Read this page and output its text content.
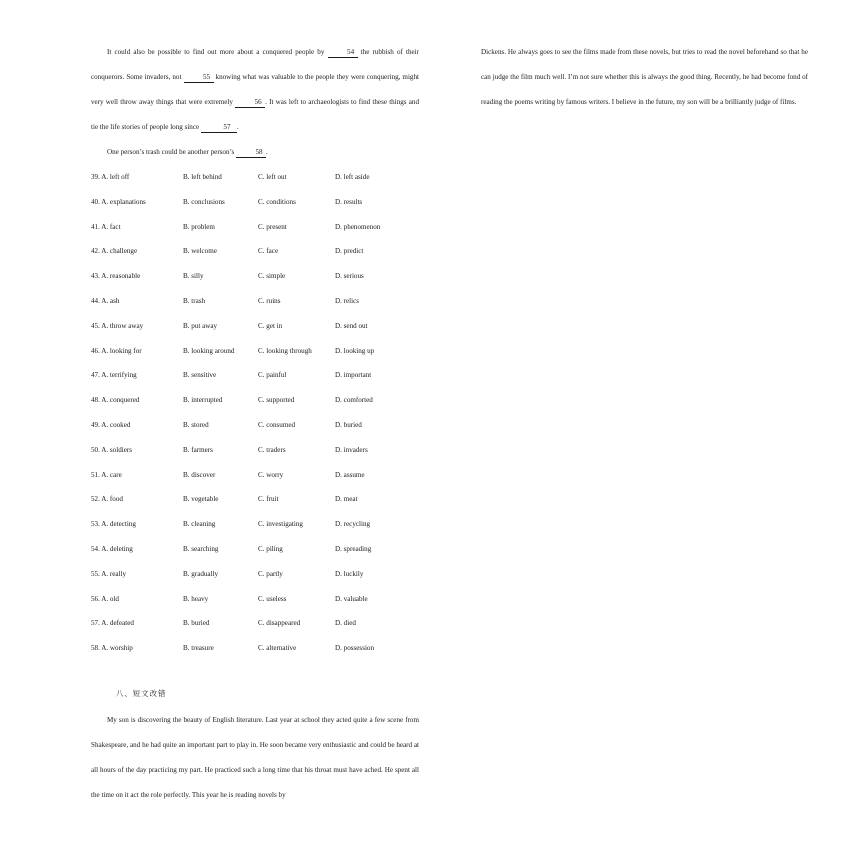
It could also be possible to find out more about a conquered people by	54 the rubbish of their conquerors. Some invaders, not	55 knowing what was valuable to the people they were conquering, might very well throw away things that were extremely	56 . It was left to archaeologists to find these things and tie the life stories of people long since	57 .

One person’s trash could be another person’s	58 .

39. A. left off	B. left behind	C. left out	D. left aside
40. A. explanations	B. conclusions	C. conditions	D. results
41. A. fact	B. problem	C. present	D. phenomenon
42. A. challenge	B. welcome	C. face	D. predict
43. A. reasonable	B. silly	C. simple	D. serious
44. A. ash	B. trash	C. ruins	D. relics
45. A. throw away	B. put away	C. get in	D. send out
46. A. looking for	B. looking around	C. looking through	D. looking up
47. A. terrifying	B. sensitive	C. painful	D. important
48. A. conquered	B. interrupted	C. supported	D. comforted
49. A. cooked	B. stored	C. consumed	D. buried
50. A. soldiers	B. farmers	C. traders	D. invaders
51. A. care	B. discover	C. worry	D. assume
52. A. food	B. vegetable	C. fruit	D. meat
53. A. detecting	B. cleaning	C. investigating	D. recycling
54. A. deleting	B. searching	C. piling	D. spreading
55. A. really	B. gradually	C. partly	D. luckily
56. A. old	B. heavy	C. useless	D. valuable
57. A. defeated	B. buried	C. disappeared	D. died
58. A. worship	B. treasure	C. alternative	D. possession
八、短文改错

My son is discovering the beauty of English literature. Last year at school they acted quite a few scene from Shakespeare, and he had quite an important part to play in. He soon became very enthusiastic and could be heard at all hours of the day practicing my part. He practiced such a long time that his throat must have ached. He spent all the time on it act the role perfectly. This year he is reading novels by

Dickens. He always goes to see the films made from these novels, but tries to read the novel beforehand so that he can judge the film much well. I’m not sure whether this is always the good thing. Recently, he had become fond of reading the poems writing by famous writers. I believe in the future, my son will be a brilliantly judge of films.
